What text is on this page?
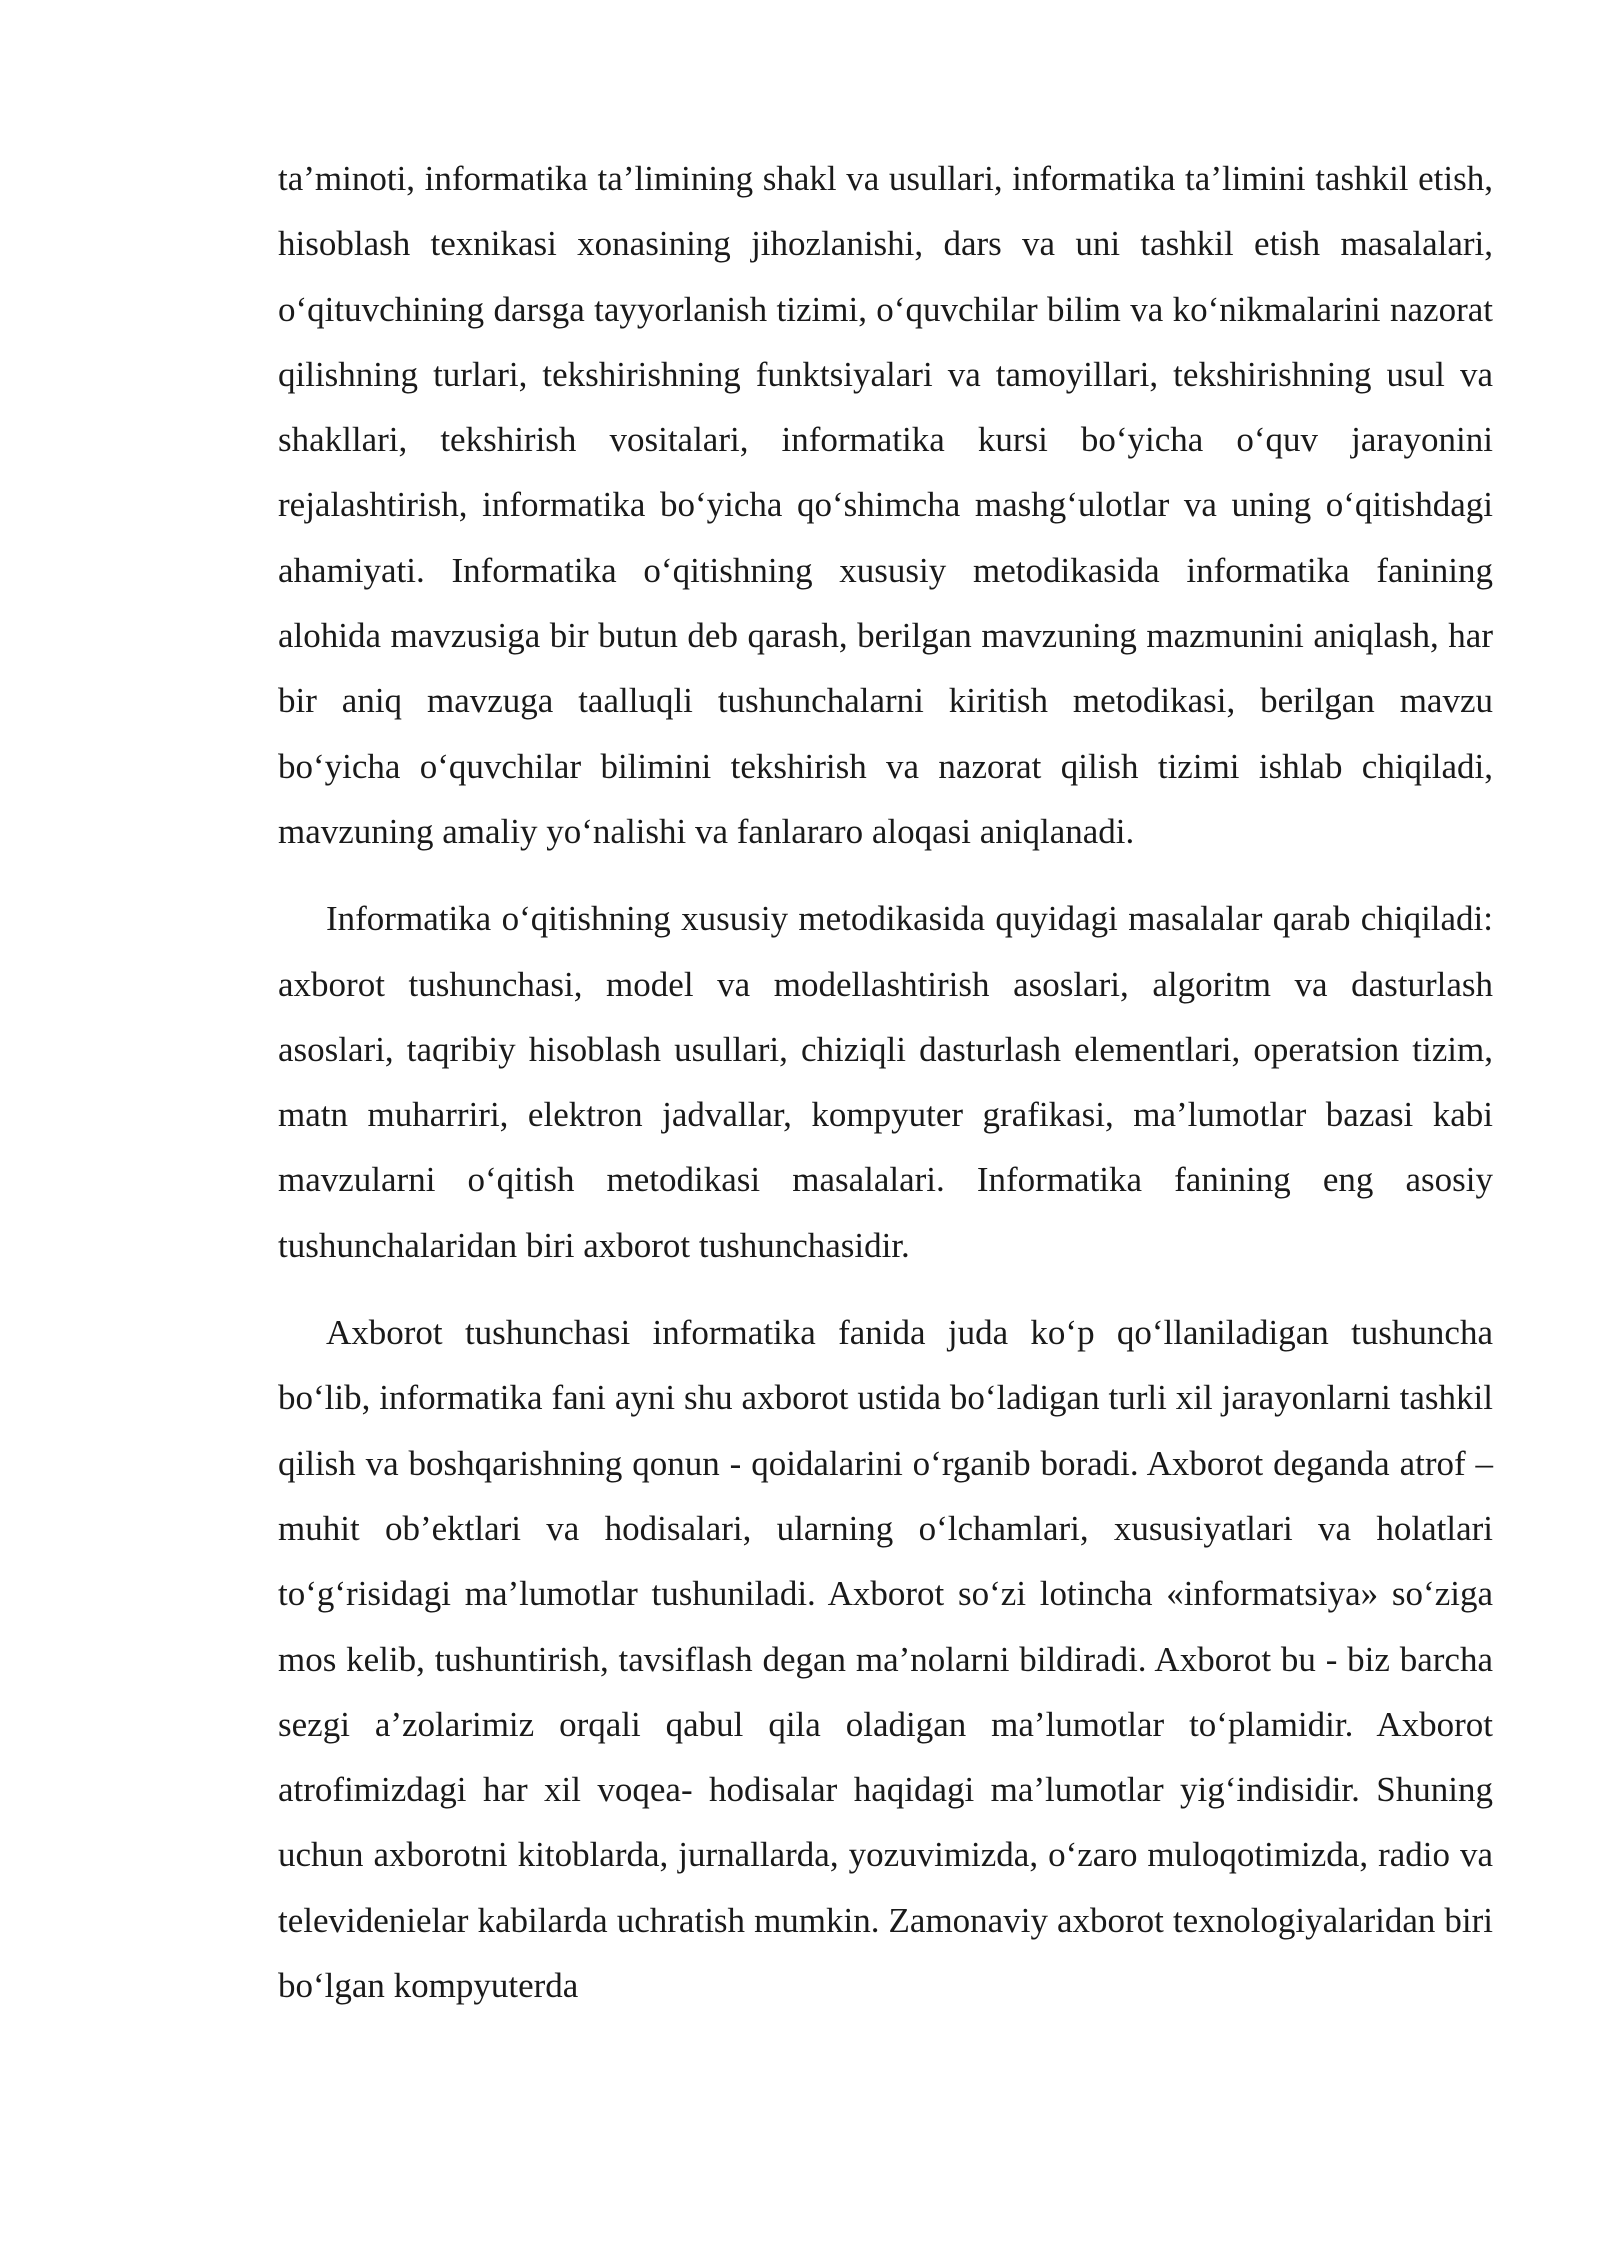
ta’minoti, informatika ta’limining shakl va usullari, informatika ta’limini tashkil etish, hisoblash texnikasi xonasining jihozlanishi, dars va uni tashkil etish masalalari, o‘qituvchining darsga tayyorlanish tizimi, o‘quvchilar bilim va ko‘nikmalarini nazorat qilishning turlari, tekshirishning funktsiyalari va tamoyillari, tekshirishning usul va shakllari, tekshirish vositalari, informatika kursi bo‘yicha o‘quv jarayonini rejalashtirish, informatika bo‘yicha qo‘shimcha mashg‘ulotlar va uning o‘qitishdagi ahamiyati. Informatika o‘qitishning xususiy metodikasida informatika fanining alohida mavzusiga bir butun deb qarash, berilgan mavzuning mazmunini aniqlash, har bir aniq mavzuga taalluqli tushunchalarni kiritish metodikasi, berilgan mavzu bo‘yicha o‘quvchilar bilimini tekshirish va nazorat qilish tizimi ishlab chiqiladi, mavzuning amaliy yo‘nalishi va fanlararo aloqasi aniqlanadi.

Informatika o‘qitishning xususiy metodikasida quyidagi masalalar qarab chiqiladi: axborot tushunchasi, model va modellashtirish asoslari, algoritm va dasturlash asoslari, taqribiy hisoblash usullari, chiziqli dasturlash elementlari, operatsion tizim, matn muharriri, elektron jadvallar, kompyuter grafikasi, ma’lumotlar bazasi kabi mavzularni o‘qitish metodikasi masalalari. Informatika fanining eng asosiy tushunchalaridan biri axborot tushunchasidir.

Axborot tushunchasi informatika fanida juda ko‘p qo‘llaniladigan tushuncha bo‘lib, informatika fani ayni shu axborot ustida bo‘ladigan turli xil jarayonlarni tashkil qilish va boshqarishning qonun - qoidalarini o‘rganib boradi. Axborot deganda atrof – muhit ob’ektlari va hodisalari, ularning o‘lchamlari, xususiyatlari va holatlari to‘g‘risidagi ma’lumotlar tushuniladi. Axborot so‘zi lotincha «informatsiya» so‘ziga mos kelib, tushuntirish, tavsiflash degan ma’nolarni bildiradi. Axborot bu - biz barcha sezgi a’zolarimiz orqali qabul qila oladigan ma’lumotlar to‘plamidir. Axborot atrofimizdagi har xil voqea- hodisalar haqidagi ma’lumotlar yig‘indisidir. Shuning uchun axborotni kitoblarda, jurnallarda, yozuvimizda, o‘zaro muloqotimizda, radio va televidenielar kabilarda uchratish mumkin. Zamonaviy axborot texnologiyalaridan biri bo‘lgan kompyuterda
